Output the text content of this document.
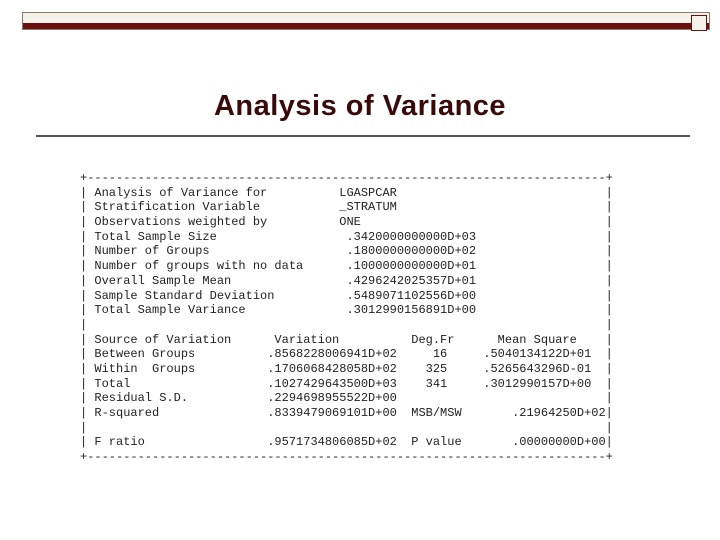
Analysis of Variance
+------------------------------------------------------------------------+
| Analysis of Variance for          LGASPCAR                             |
| Stratification Variable           _STRATUM                             |
| Observations weighted by          ONE                                  |
| Total Sample Size                  .3420000000000D+03                  |
| Number of Groups                   .1800000000000D+02                  |
| Number of groups with no data      .1000000000000D+01                  |
| Overall Sample Mean                .4296242025357D+01                  |
| Sample Standard Deviation          .5489071102556D+00                  |
| Total Sample Variance              .3012990156891D+00                  |
|                                                                        |
| Source of Variation      Variation          Deg.Fr      Mean Square    |
| Between Groups          .8568228006941D+02     16     .5040134122D+01  |
| Within  Groups          .1706068428058D+02    325     .5265643296D-01  |
| Total                   .1027429643500D+03    341     .3012990157D+00  |
| Residual S.D.           .2294698955522D+00                             |
| R-squared               .8339479069101D+00  MSB/MSW       .21964250D+02|
|                                                                        |
| F ratio                 .9571734806085D+02  P value       .00000000D+00|
+------------------------------------------------------------------------+
